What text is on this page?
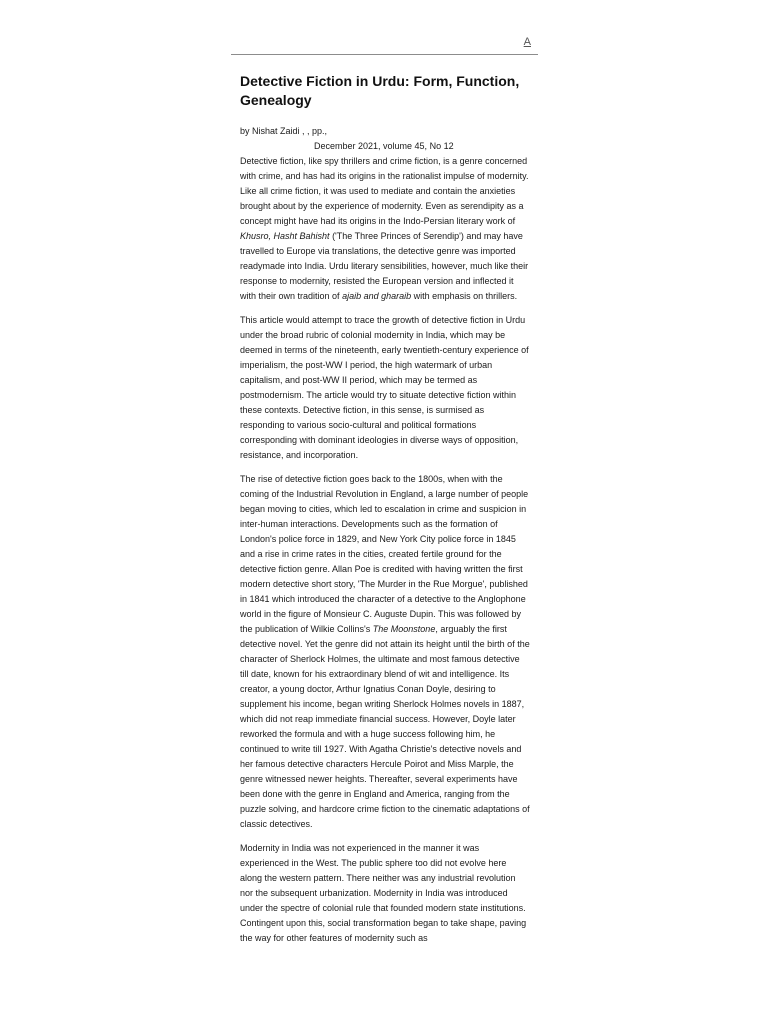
A
Detective Fiction in Urdu: Form, Function, Genealogy
by Nishat Zaidi , , pp.,
December 2021, volume 45, No 12

Detective fiction, like spy thrillers and crime fiction, is a genre concerned with crime, and has had its origins in the rationalist impulse of modernity. Like all crime fiction, it was used to mediate and contain the anxieties brought about by the experience of modernity. Even as serendipity as a concept might have had its origins in the Indo-Persian literary work of Khusro, Hasht Bahisht ('The Three Princes of Serendip') and may have travelled to Europe via translations, the detective genre was imported readymade into India. Urdu literary sensibilities, however, much like their response to modernity, resisted the European version and inflected it with their own tradition of ajaib and gharaib with emphasis on thrillers.

This article would attempt to trace the growth of detective fiction in Urdu under the broad rubric of colonial modernity in India, which may be deemed in terms of the nineteenth, early twentieth-century experience of imperialism, the post-WW I period, the high watermark of urban capitalism, and post-WW II period, which may be termed as postmodernism. The article would try to situate detective fiction within these contexts. Detective fiction, in this sense, is surmised as responding to various socio-cultural and political formations corresponding with dominant ideologies in diverse ways of opposition, resistance, and incorporation.

The rise of detective fiction goes back to the 1800s, when with the coming of the Industrial Revolution in England, a large number of people began moving to cities, which led to escalation in crime and suspicion in inter-human interactions. Developments such as the formation of London's police force in 1829, and New York City police force in 1845 and a rise in crime rates in the cities, created fertile ground for the detective fiction genre. Allan Poe is credited with having written the first modern detective short story, 'The Murder in the Rue Morgue', published in 1841 which introduced the character of a detective to the Anglophone world in the figure of Monsieur C. Auguste Dupin. This was followed by the publication of Wilkie Collins's The Moonstone, arguably the first detective novel. Yet the genre did not attain its height until the birth of the character of Sherlock Holmes, the ultimate and most famous detective till date, known for his extraordinary blend of wit and intelligence. Its creator, a young doctor, Arthur Ignatius Conan Doyle, desiring to supplement his income, began writing Sherlock Holmes novels in 1887, which did not reap immediate financial success. However, Doyle later reworked the formula and with a huge success following him, he continued to write till 1927. With Agatha Christie's detective novels and her famous detective characters Hercule Poirot and Miss Marple, the genre witnessed newer heights. Thereafter, several experiments have been done with the genre in England and America, ranging from the puzzle solving, and hardcore crime fiction to the cinematic adaptations of classic detectives.

Modernity in India was not experienced in the manner it was experienced in the West. The public sphere too did not evolve here along the western pattern. There neither was any industrial revolution nor the subsequent urbanization. Modernity in India was introduced under the spectre of colonial rule that founded modern state institutions. Contingent upon this, social transformation began to take shape, paving the way for other features of modernity such as
